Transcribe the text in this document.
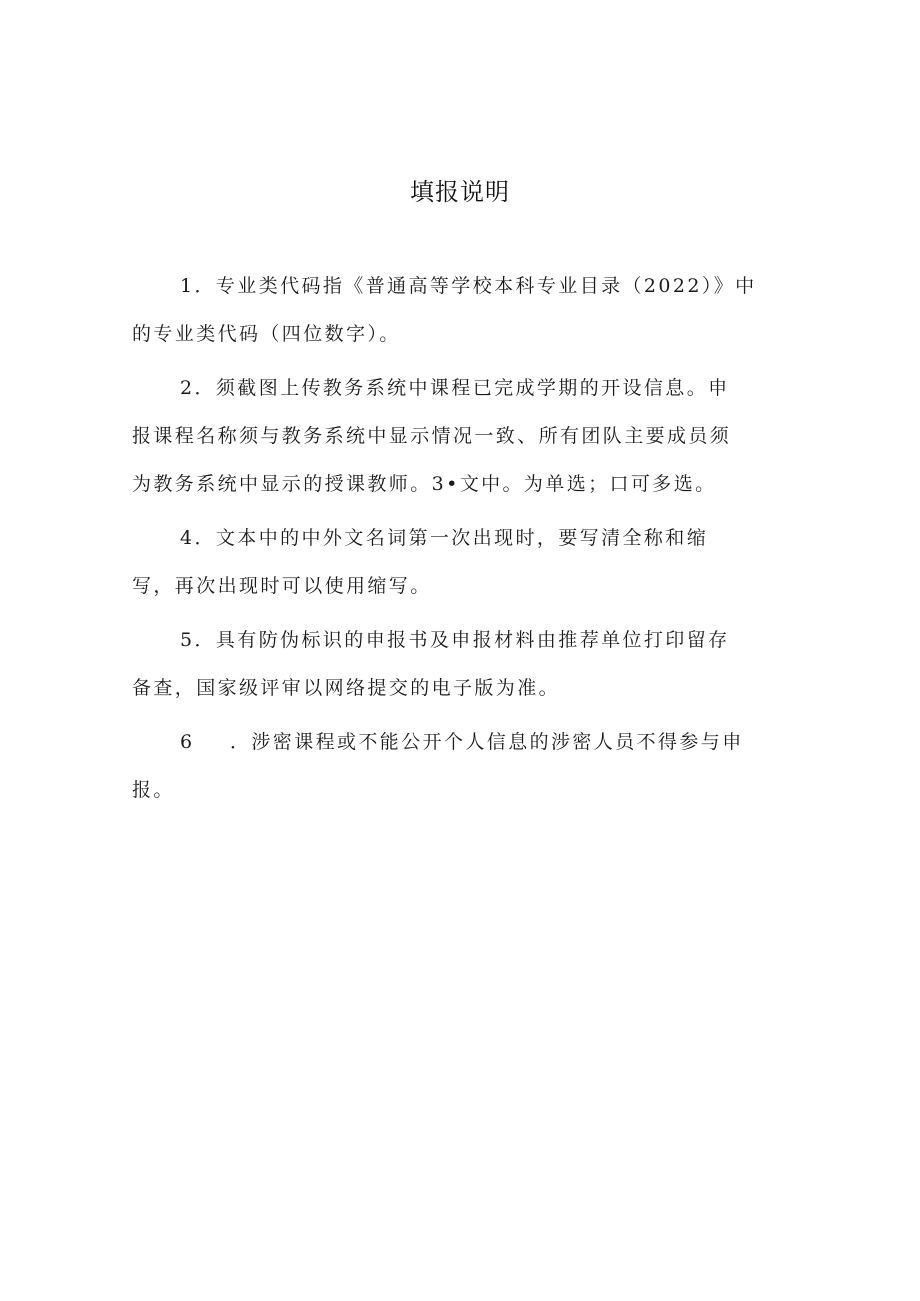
填报说明
1．专业类代码指《普通高等学校本科专业目录（2022）》中
的专业类代码（四位数字）。
2．须截图上传教务系统中课程已完成学期的开设信息。申
报课程名称须与教务系统中显示情况一致、所有团队主要成员须
为教务系统中显示的授课教师。3•文中。为单选；口可多选。
4．文本中的中外文名词第一次出现时，要写清全称和缩
写，再次出现时可以使用缩写。
5．具有防伪标识的申报书及申报材料由推荐单位打印留存
备查，国家级评审以网络提交的电子版为准。
6 ．涉密课程或不能公开个人信息的涉密人员不得参与申
报。
